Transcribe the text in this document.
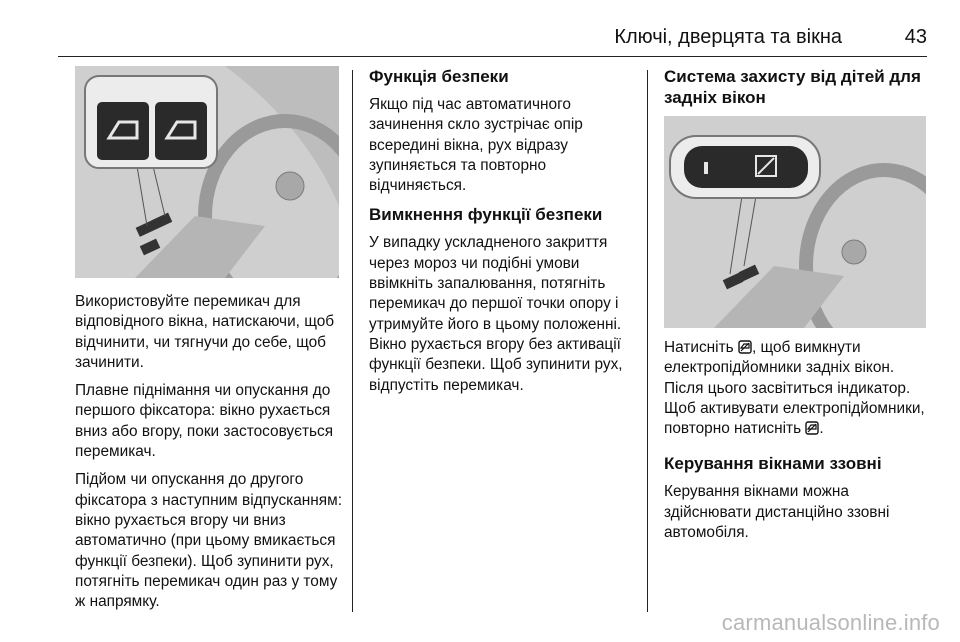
Ключі, дверцята та вікна	43

Використовуйте перемикач для відповідного вікна, натискаючи, щоб відчинити, чи тягнучи до себе, щоб зачинити.

Плавне піднімання чи опускання до першого фіксатора: вікно рухається вниз або вгору, поки застосовується перемикач.

Підйом чи опускання до другого фіксатора з наступним відпусканням: вікно рухається вгору чи вниз автоматично (при цьому вмикається функції безпеки). Щоб зупинити рух, потягніть перемикач один раз у тому ж напрямку.

Функція безпеки

Якщо під час автоматичного зачинення скло зустрічає опір всередині вікна, рух відразу зупиняється та повторно відчиняється.

Вимкнення функції безпеки

У випадку ускладненого закриття через мороз чи подібні умови ввімкніть запалювання, потягніть перемикач до першої точки опору і утримуйте його в цьому положенні. Вікно рухається вгору без активації функції безпеки. Щоб зупинити рух, відпустіть перемикач.

Система захисту від дітей для задніх вікон

Натисніть , щоб вимкнути електропідйомники задніх вікон. Після цього засвітиться індикатор. Щоб активувати електропідйомники, повторно натисніть .

Керування вікнами ззовні

Керування вікнами можна здійснювати дистанційно ззовні автомобіля.

carmanualsonline.info
